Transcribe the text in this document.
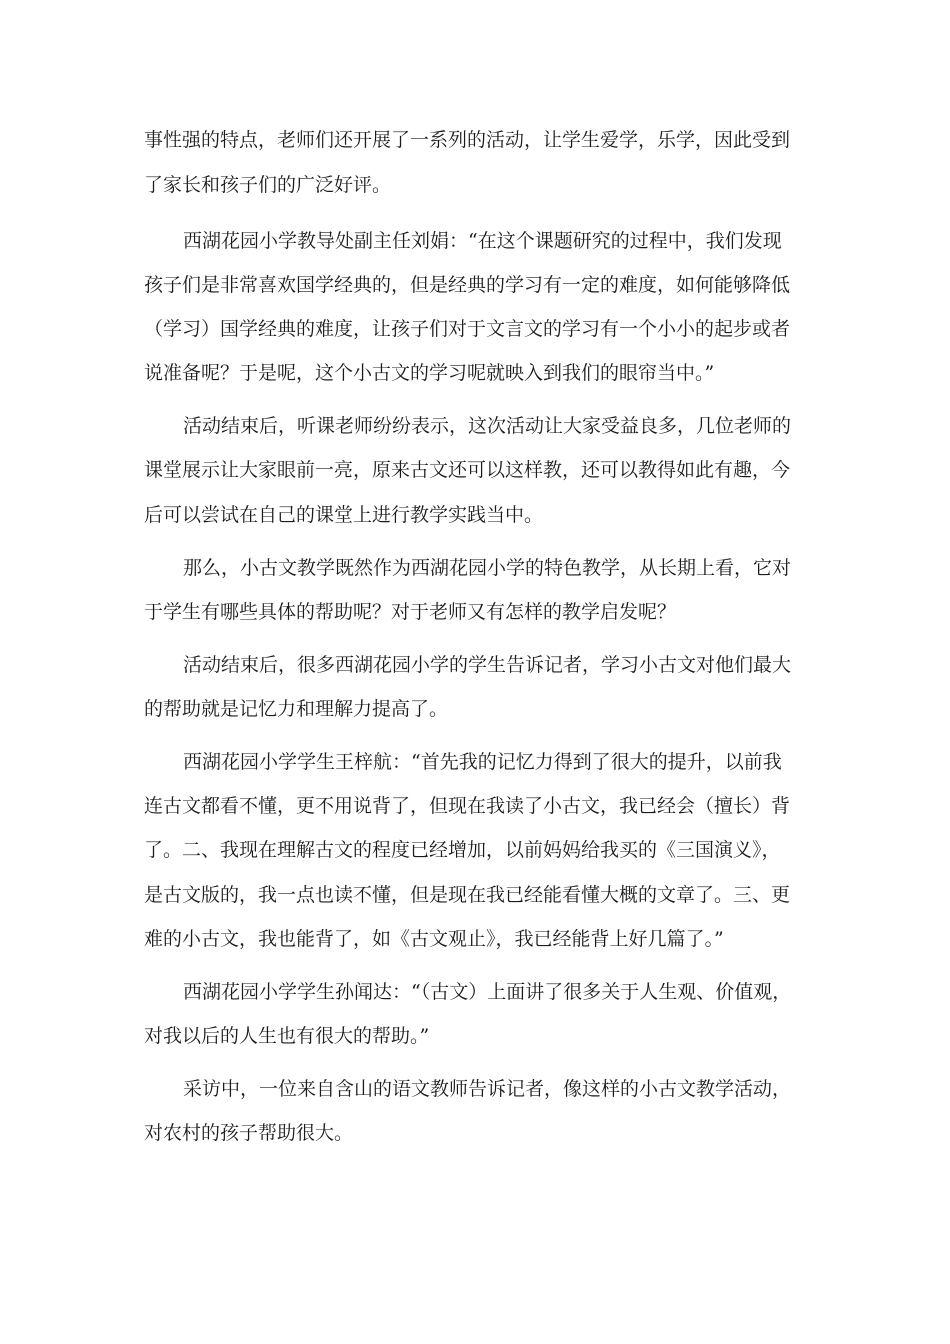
事性强的特点，老师们还开展了一系列的活动，让学生爱学，乐学，因此受到
了家长和孩子们的广泛好评。
西湖花园小学教导处副主任刘娟：“在这个课题研究的过程中，我们发现
孩子们是非常喜欢国学经典的，但是经典的学习有一定的难度，如何能够降低
（学习）国学经典的难度，让孩子们对于文言文的学习有一个小小的起步或者
说准备呢？于是呢，这个小古文的学习呢就映入到我们的眼帘当中。”
活动结束后，听课老师纷纷表示，这次活动让大家受益良多，几位老师的
课堂展示让大家眼前一亮，原来古文还可以这样教，还可以教得如此有趣，今
后可以尝试在自己的课堂上进行教学实践当中。
那么，小古文教学既然作为西湖花园小学的特色教学，从长期上看，它对
于学生有哪些具体的帮助呢？对于老师又有怎样的教学启发呢？
活动结束后，很多西湖花园小学的学生告诉记者，学习小古文对他们最大
的帮助就是记忆力和理解力提高了。
西湖花园小学学生王梓航：“首先我的记忆力得到了很大的提升，以前我
连古文都看不懂，更不用说背了，但现在我读了小古文，我已经会（擅长）背
了。二、我现在理解古文的程度已经增加，以前妈妈给我买的《三国演义》，
是古文版的，我一点也读不懂，但是现在我已经能看懂大概的文章了。三、更
难的小古文，我也能背了，如《古文观止》，我已经能背上好几篇了。”
西湖花园小学学生孙闻达：“（古文）上面讲了很多关于人生观、价值观，
对我以后的人生也有很大的帮助。”
采访中，一位来自含山的语文教师告诉记者，像这样的小古文教学活动，
对农村的孩子帮助很大。
